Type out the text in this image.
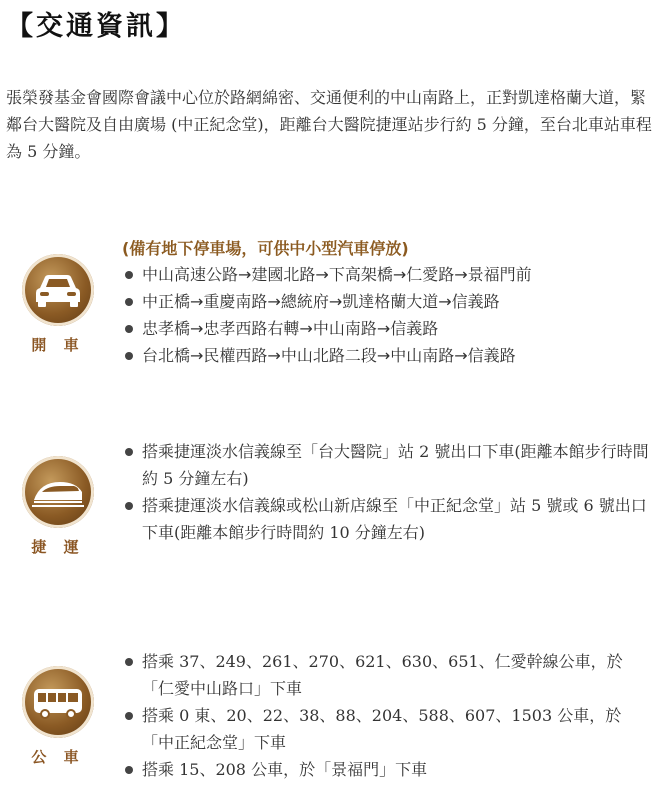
【交通資訊】
張榮發基金會國際會議中心位於路網綿密、交通便利的中山南路上，正對凱達格蘭大道，緊鄰台大醫院及自由廣場 (中正紀念堂)，距離台大醫院捷運站步行約 5 分鐘，至台北車站車程為 5 分鐘。
開 車
(備有地下停車場，可供中小型汽車停放)
中山高速公路→建國北路→下高架橋→仁愛路→景福門前
中正橋→重慶南路→總統府→凱達格蘭大道→信義路
忠孝橋→忠孝西路右轉→中山南路→信義路
台北橋→民權西路→中山北路二段→中山南路→信義路
捷 運
搭乘捷運淡水信義線至「台大醫院」站 2 號出口下車(距離本館步行時間約 5 分鐘左右)
搭乘捷運淡水信義線或松山新店線至「中正紀念堂」站 5 號或 6 號出口下車(距離本館步行時間約 10 分鐘左右)
公 車
搭乘 37、249、261、270、621、630、651、仁愛幹線公車，於「仁愛中山路口」下車
搭乘 0 東、20、22、38、88、204、588、607、1503 公車，於「中正紀念堂」下車
搭乘 15、208 公車，於「景福門」下車
